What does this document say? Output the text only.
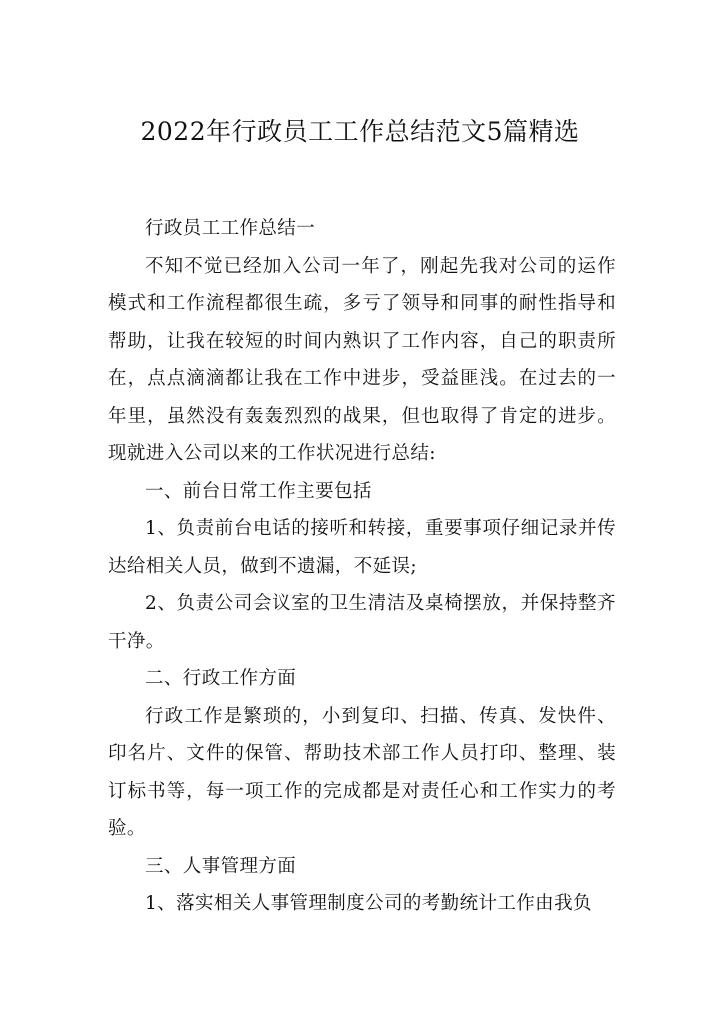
2022年行政员工工作总结范文5篇精选

行政员工工作总结一

不知不觉已经加入公司一年了，刚起先我对公司的运作模式和工作流程都很生疏，多亏了领导和同事的耐性指导和帮助，让我在较短的时间内熟识了工作内容，自己的职责所在，点点滴滴都让我在工作中进步，受益匪浅。在过去的一年里，虽然没有轰轰烈烈的战果，但也取得了肯定的进步。现就进入公司以来的工作状况进行总结:

一、前台日常工作主要包括

1、负责前台电话的接听和转接，重要事项仔细记录并传达给相关人员，做到不遗漏，不延误;

2、负责公司会议室的卫生清洁及桌椅摆放，并保持整齐干净。

二、行政工作方面

行政工作是繁琐的，小到复印、扫描、传真、发快件、印名片、文件的保管、帮助技术部工作人员打印、整理、装订标书等，每一项工作的完成都是对责任心和工作实力的考验。

三、人事管理方面

1、落实相关人事管理制度公司的考勤统计工作由我负
